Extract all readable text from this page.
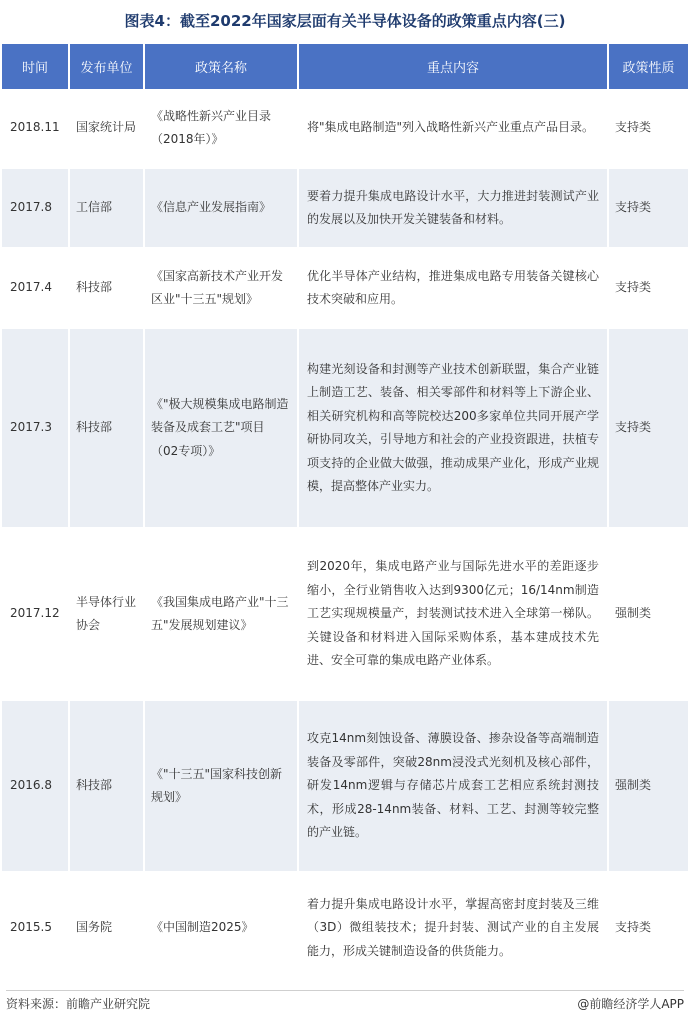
图表4：截至2022年国家层面有关半导体设备的政策重点内容(三)
时间	发布单位	政策名称	重点内容	政策性质
2018.11	国家统计局	《战略性新兴产业目录（2018年）》	将"集成电路制造"列入战略性新兴产业重点产品目录。	支持类
2017.8	工信部	《信息产业发展指南》	要着力提升集成电路设计水平，大力推进封装测试产业的发展以及加快开发关键装备和材料。	支持类
2017.4	科技部	《国家高新技术产业开发区业"十三五"规划》	优化半导体产业结构，推进集成电路专用装备关键核心技术突破和应用。	支持类
2017.3	科技部	《"极大规模集成电路制造装备及成套工艺"项目（02专项）》	构建光刻设备和封测等产业技术创新联盟，集合产业链上制造工艺、装备、相关零部件和材料等上下游企业、相关研究机构和高等院校达200多家单位共同开展产学研协同攻关，引导地方和社会的产业投资跟进，扶植专项支持的企业做大做强，推动成果产业化，形成产业规模，提高整体产业实力。	支持类
2017.12	半导体行业协会	《我国集成电路产业"十三五"发展规划建议》	到2020年，集成电路产业与国际先进水平的差距逐步缩小，全行业销售收入达到9300亿元；16/14nm制造工艺实现规模量产，封装测试技术进入全球第一梯队。关键设备和材料进入国际采购体系，基本建成技术先进、安全可靠的集成电路产业体系。	强制类
2016.8	科技部	《"十三五"国家科技创新规划》	攻克14nm刻蚀设备、薄膜设备、掺杂设备等高端制造装备及零部件，突破28nm浸没式光刻机及核心部件，研发14nm逻辑与存储芯片成套工艺相应系统封测技术，形成28-14nm装备、材料、工艺、封测等较完整的产业链。	强制类
2015.5	国务院	《中国制造2025》	着力提升集成电路设计水平，掌握高密封度封装及三维（3D）微组装技术；提升封装、测试产业的自主发展能力，形成关键制造设备的供货能力。	支持类
资料来源：前瞻产业研究院	@前瞻经济学人APP
